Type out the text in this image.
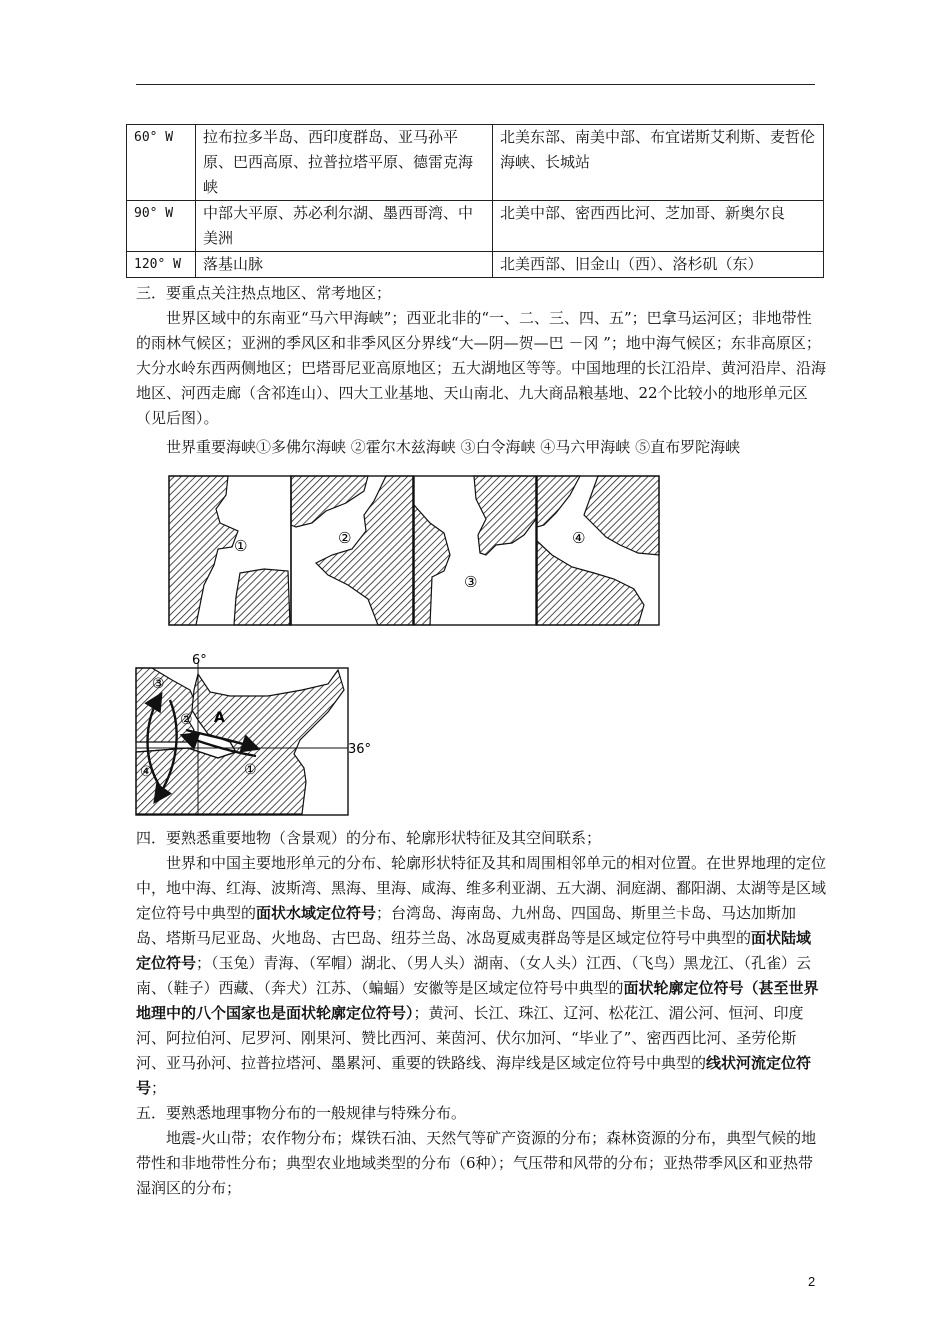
60° W	拉布拉多半岛、西印度群岛、亚马孙平原、巴西高原、拉普拉塔平原、德雷克海峡	北美东部、南美中部、布宜诺斯艾利斯、麦哲伦海峡、长城站
90° W	中部大平原、苏必利尔湖、墨西哥湾、中美洲	北美中部、密西西比河、芝加哥、新奥尔良
120° W	落基山脉	北美西部、旧金山（西）、洛杉矶（东）

三．要重点关注热点地区、常考地区；

世界区域中的东南亚“马六甲海峡”；西亚北非的“一、二、三、四、五”；巴拿马运河区；非地带性的雨林气候区；亚洲的季风区和非季风区分界线“大—阴—贺—巴 －冈 ”；地中海气候区；东非高原区；大分水岭东西两侧地区；巴塔哥尼亚高原地区；五大湖地区等等。中国地理的长江沿岸、黄河沿岸、沿海地区、河西走廊（含祁连山）、四大工业基地、天山南北、九大商品粮基地、22个比较小的地形单元区（见后图）。

世界重要海峡①多佛尔海峡 ②霍尔木兹海峡 ③白令海峡 ④马六甲海峡 ⑤直布罗陀海峡

①	②
③
④
6°
36°
A
③
②
④	①

四．要熟悉重要地物（含景观）的分布、轮廓形状特征及其空间联系；

世界和中国主要地形单元的分布、轮廓形状特征及其和周围相邻单元的相对位置。在世界地理的定位中，地中海、红海、波斯湾、黑海、里海、咸海、维多利亚湖、五大湖、洞庭湖、鄱阳湖、太湖等是区域定位符号中典型的面状水域定位符号；台湾岛、海南岛、九州岛、四国岛、斯里兰卡岛、马达加斯加岛、塔斯马尼亚岛、火地岛、古巴岛、纽芬兰岛、冰岛夏威夷群岛等是区域定位符号中典型的面状陆域定位符号；（玉兔）青海、（军帽）湖北、（男人头）湖南、（女人头）江西、（飞鸟）黑龙江、（孔雀）云南、（鞋子）西藏、（奔犬）江苏、（蝙蝠）安徽等是区域定位符号中典型的面状轮廓定位符号（甚至世界地理中的八个国家也是面状轮廓定位符号）；黄河、长江、珠江、辽河、松花江、湄公河、恒河、印度河、阿拉伯河、尼罗河、刚果河、赞比西河、莱茵河、伏尔加河、“毕业了”、密西西比河、圣劳伦斯河、亚马孙河、拉普拉塔河、墨累河、重要的铁路线、海岸线是区域定位符号中典型的线状河流定位符号；

五．要熟悉地理事物分布的一般规律与特殊分布。

地震-火山带；农作物分布；煤铁石油、天然气等矿产资源的分布；森林资源的分布，典型气候的地带性和非地带性分布；典型农业地域类型的分布（6种）；气压带和风带的分布；亚热带季风区和亚热带湿润区的分布；

2
